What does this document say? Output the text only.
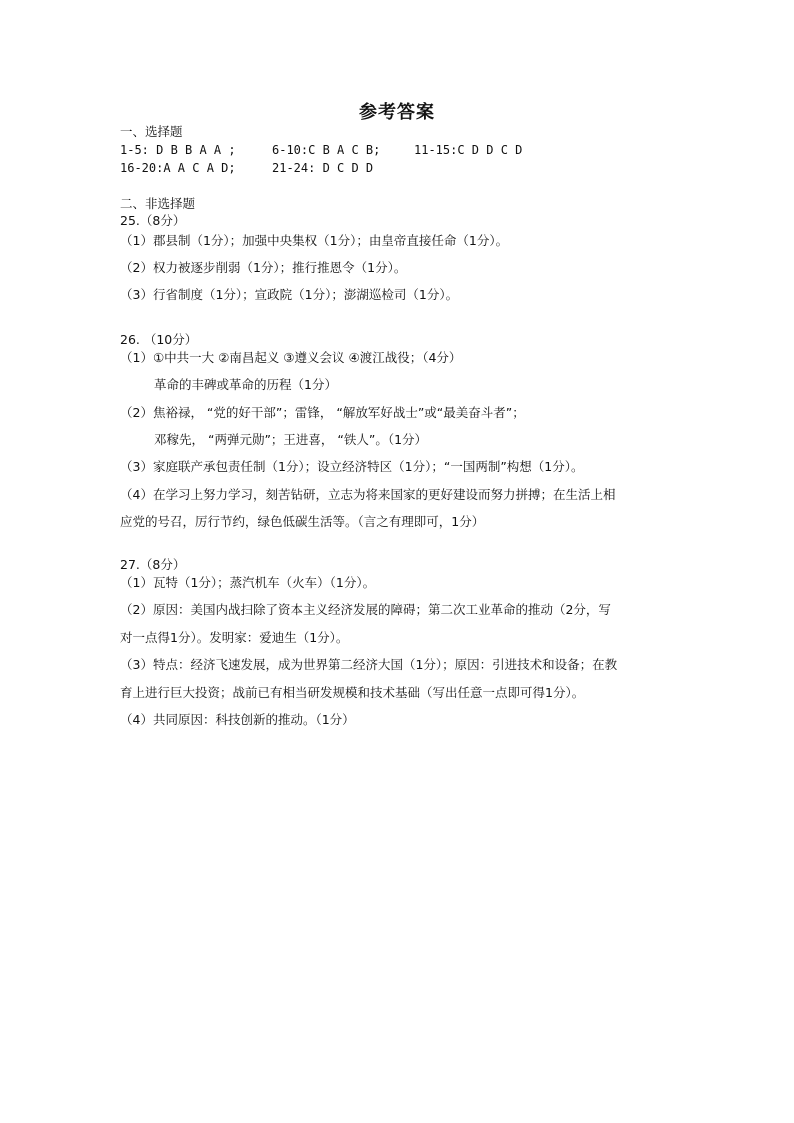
参考答案
一、选择题
1-5: D B B A A ;	6-10:C B A C B;	11-15:C D D C D
16-20:A A C A D;	21-24: D C D D
二、非选择题
25.（8分）
（1）郡县制（1分）；加强中央集权（1分）；由皇帝直接任命（1分）。
（2）权力被逐步削弱（1分）；推行推恩令（1分）。
（3）行省制度（1分）；宣政院（1分）；澎湖巡检司（1分）。
26. （10分）
（1）①中共一大 ②南昌起义 ③遵义会议 ④渡江战役；（4分）
革命的丰碑或革命的历程（1分）
（2）焦裕禄， “党的好干部”；雷锋， “解放军好战士”或“最美奋斗者”；
邓稼先， “两弹元勋”；王进喜， “铁人”。（1分）
（3）家庭联产承包责任制（1分）；设立经济特区（1分）；“一国两制”构想（1分）。
（4）在学习上努力学习，刻苦钻研，立志为将来国家的更好建设而努力拼搏；在生活上相
应党的号召，厉行节约，绿色低碳生活等。（言之有理即可，1分）
27.（8分）
（1）瓦特（1分）；蒸汽机车（火车）（1分）。
（2）原因：美国内战扫除了资本主义经济发展的障碍；第二次工业革命的推动（2分，写
对一点得1分）。发明家：爱迪生（1分）。
（3）特点：经济飞速发展，成为世界第二经济大国（1分）；原因：引进技术和设备；在教
育上进行巨大投资；战前已有相当研发规模和技术基础（写出任意一点即可得1分）。
（4）共同原因：科技创新的推动。（1分）
